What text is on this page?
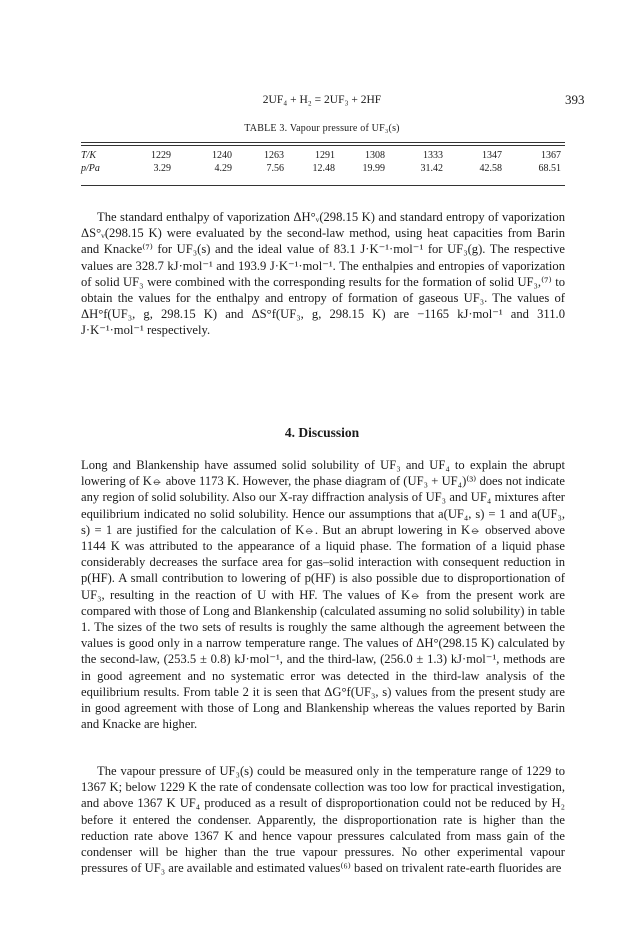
2UF₄ + H₂ = 2UF₃ + 2HF	393
TABLE 3. Vapour pressure of UF₃(s)
T/K	1229	1240	1263	1291	1308	1333	1347	1367
p/Pa	3.29	4.29	7.56	12.48	19.99	31.42	42.58	68.51

The standard enthalpy of vaporization ΔH°ᵥ(298.15 K) and standard entropy of vaporization ΔS°ᵥ(298.15 K) were evaluated by the second-law method, using heat capacities from Barin and Knacke⁽⁷⁾ for UF₃(s) and the ideal value of 83.1 J·K⁻¹·mol⁻¹ for UF₃(g). The respective values are 328.7 kJ·mol⁻¹ and 193.9 J·K⁻¹·mol⁻¹. The enthalpies and entropies of vaporization of solid UF₃ were combined with the corresponding results for the formation of solid UF₃,⁽⁷⁾ to obtain the values for the enthalpy and entropy of formation of gaseous UF₃. The values of ΔH°f(UF₃, g, 298.15 K) and ΔS°f(UF₃, g, 298.15 K) are −1165 kJ·mol⁻¹ and 311.0 J·K⁻¹·mol⁻¹ respectively.

4. Discussion

Long and Blankenship have assumed solid solubility of UF₃ and UF₄ to explain the abrupt lowering of K⦵ above 1173 K. However, the phase diagram of (UF₃ + UF₄)⁽³⁾ does not indicate any region of solid solubility. Also our X-ray diffraction analysis of UF₃ and UF₄ mixtures after equilibrium indicated no solid solubility. Hence our assumptions that a(UF₄, s) = 1 and a(UF₃, s) = 1 are justified for the calculation of K⦵. But an abrupt lowering in K⦵ observed above 1144 K was attributed to the appearance of a liquid phase. The formation of a liquid phase considerably decreases the surface area for gas–solid interaction with consequent reduction in p(HF). A small contribution to lowering of p(HF) is also possible due to disproportionation of UF₃, resulting in the reaction of U with HF. The values of K⦵ from the present work are compared with those of Long and Blankenship (calculated assuming no solid solubility) in table 1. The sizes of the two sets of results is roughly the same although the agreement between the values is good only in a narrow temperature range. The values of ΔH°(298.15 K) calculated by the second-law, (253.5 ± 0.8) kJ·mol⁻¹, and the third-law, (256.0 ± 1.3) kJ·mol⁻¹, methods are in good agreement and no systematic error was detected in the third-law analysis of the equilibrium results. From table 2 it is seen that ΔG°f(UF₃, s) values from the present study are in good agreement with those of Long and Blankenship whereas the values reported by Barin and Knacke are higher.

The vapour pressure of UF₃(s) could be measured only in the temperature range of 1229 to 1367 K; below 1229 K the rate of condensate collection was too low for practical investigation, and above 1367 K UF₄ produced as a result of disproportionation could not be reduced by H₂ before it entered the condenser. Apparently, the disproportionation rate is higher than the reduction rate above 1367 K and hence vapour pressures calculated from mass gain of the condenser will be higher than the true vapour pressures. No other experimental vapour pressures of UF₃ are available and estimated values⁽⁶⁾ based on trivalent rate-earth fluorides are
